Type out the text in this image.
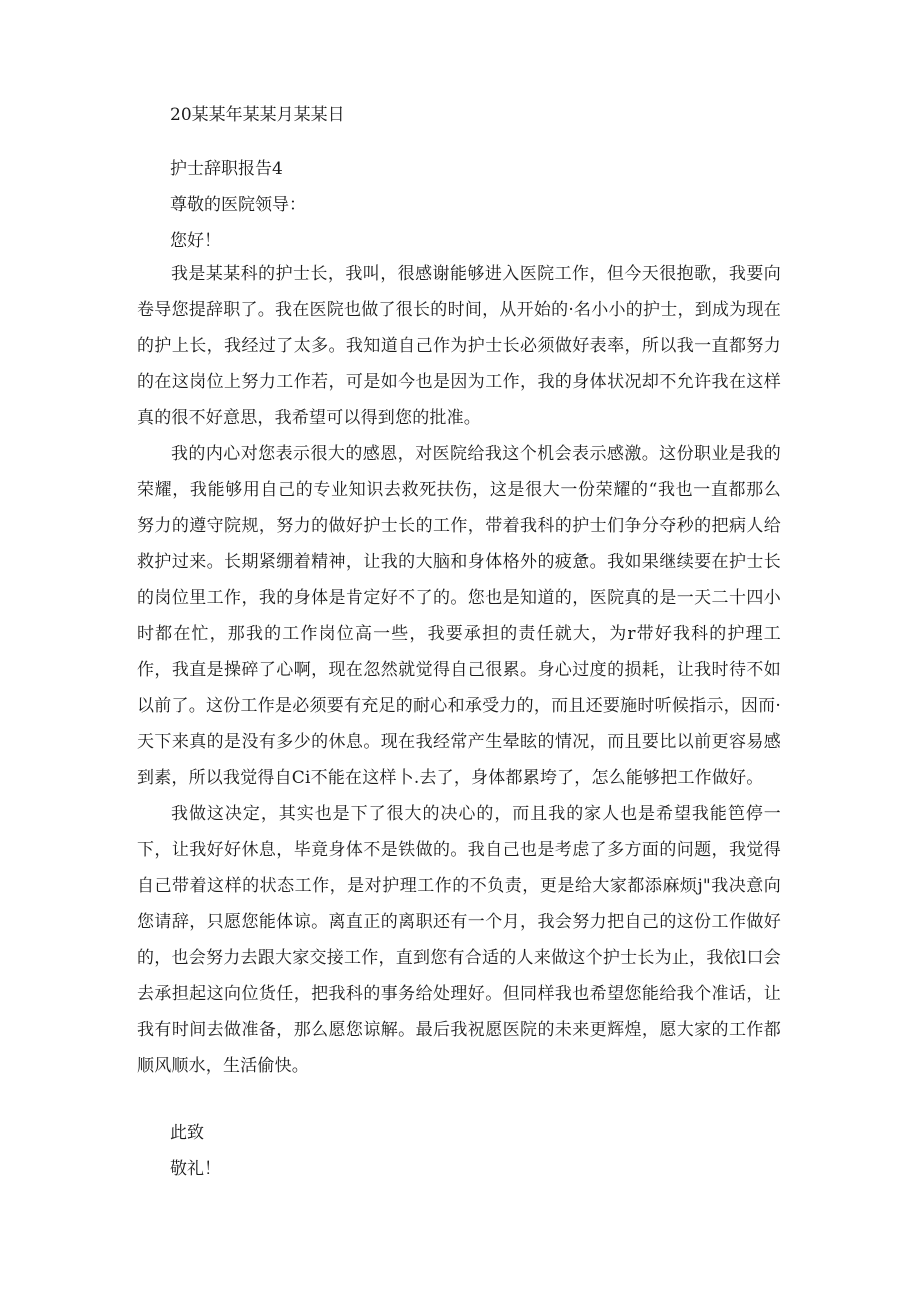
20某某年某某月某某日
护士辞职报告4
尊敬的医院领导：
您好！
我是某某科的护士长，我叫，很感谢能够进入医院工作，但今天很抱歌，我要向卷导您提辞职了。我在医院也做了很长的时间，从开始的·名小小的护士，到成为现在的护上长，我经过了太多。我知道自己作为护士长必须做好表率，所以我一直都努力的在这岗位上努力工作若，可是如今也是因为工作，我的身体状况却不允许我在这样真的很不好意思，我希望可以得到您的批准。
我的内心对您表示很大的感恩，对医院给我这个机会表示感激。这份职业是我的荣耀，我能够用自己的专业知识去救死扶伤，这是很大一份荣耀的“我也一直都那么努力的遵守院规，努力的做好护士长的工作，带着我科的护士们争分夺秒的把病人给救护过来。长期紧绷着精神，让我的大脑和身体格外的疲惫。我如果继续要在护士长的岗位里工作，我的身体是肯定好不了的。您也是知道的，医院真的是一天二十四小时都在忙，那我的工作岗位高一些，我要承担的责任就大，为r带好我科的护理工作，我直是操碎了心啊，现在忽然就觉得自己很累。身心过度的损耗，让我时待不如以前了。这份工作是必须要有充足的耐心和承受力的，而且还要施时听候指示，因而·天下来真的是没有多少的休息。现在我经常产生晕眩的情况，而且要比以前更容易感到素，所以我觉得自Ci不能在这样卜.去了，身体都累垮了，怎么能够把工作做好。
我做这决定，其实也是下了很大的决心的，而且我的家人也是希望我能笆停一下，让我好好休息，毕竟身体不是铁做的。我自己也是考虑了多方面的问题，我觉得自己带着这样的状态工作，是对护理工作的不负责，更是给大家都添麻烦j"我决意向您请辞，只愿您能体谅。离直正的离职还有一个月，我会努力把自己的这份工作做好的，也会努力去跟大家交接工作，直到您有合适的人来做这个护士长为止，我依l口会去承担起这向位货任，把我科的事务给处理好。但同样我也希望您能给我个准话，让我有时间去做准备，那么愿您谅解。最后我祝愿医院的未来更辉煌，愿大家的工作都顺风顺水，生活偷快。
此致
敬礼！
